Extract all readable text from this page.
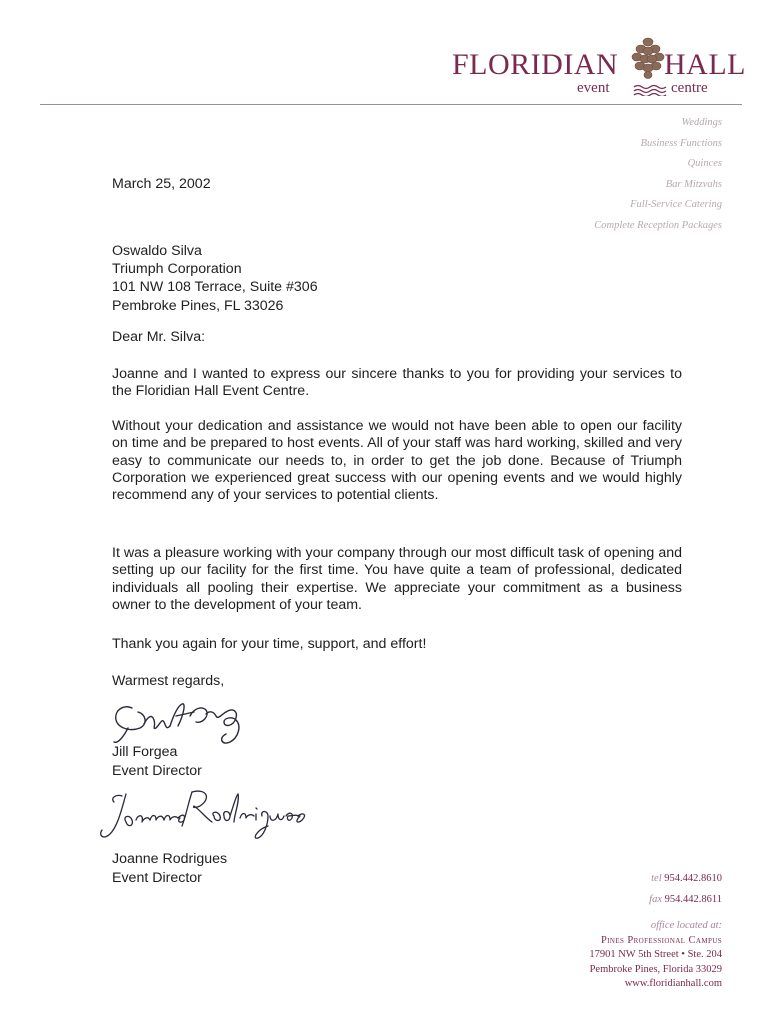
FLORIDIAN HALL
event	centre
Weddings
Business Functions
Quinces
Bar Mitzvahs
Full-Service Catering
Complete Reception Packages
March 25, 2002
Oswaldo Silva
Triumph Corporation
101 NW 108 Terrace, Suite #306
Pembroke Pines, FL 33026
Dear Mr. Silva:

Joanne and I wanted to express our sincere thanks to you for providing your services to the Floridian Hall Event Centre.

Without your dedication and assistance we would not have been able to open our facility on time and be prepared to host events. All of your staff was hard working, skilled and very easy to communicate our needs to, in order to get the job done. Because of Triumph Corporation we experienced great success with our opening events and we would highly recommend any of your services to potential clients.

It was a pleasure working with your company through our most difficult task of opening and setting up our facility for the first time. You have quite a team of professional, dedicated individuals all pooling their expertise. We appreciate your commitment as a business owner to the development of your team.

Thank you again for your time, support, and effort!

Warmest regards,
Jill Forgea
Event Director
Joanne Rodrigues
Event Director	tel 954.442.8610
fax 954.442.8611
office located at:
Pines Professional Campus
17901 NW 5th Street • Ste. 204
Pembroke Pines, Florida 33029
www.floridianhall.com
